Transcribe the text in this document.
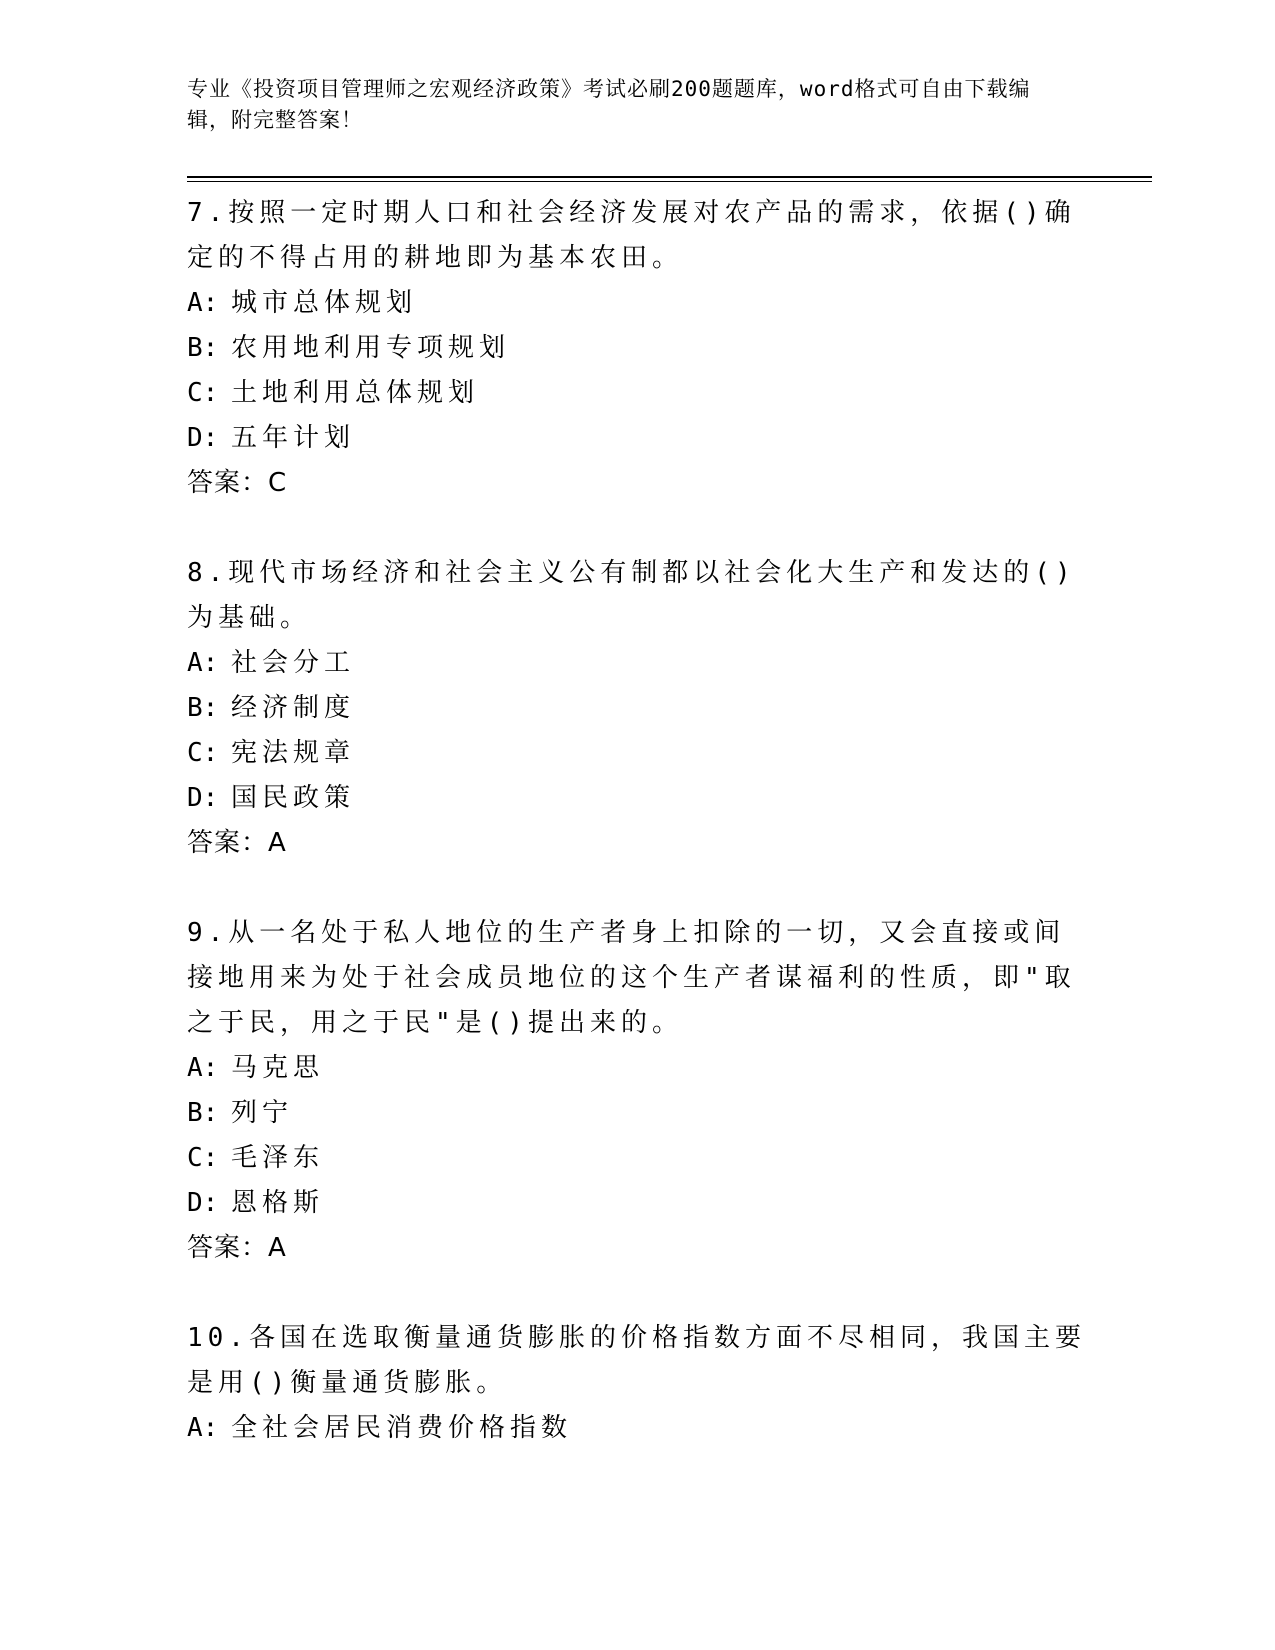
专业《投资项目管理师之宏观经济政策》考试必刷200题题库，word格式可自由下载编辑，附完整答案！
7.按照一定时期人口和社会经济发展对农产品的需求，依据()确定的不得占用的耕地即为基本农田。
A: 城市总体规划
B: 农用地利用专项规划
C: 土地利用总体规划
D: 五年计划
答案：C
8.现代市场经济和社会主义公有制都以社会化大生产和发达的()为基础。
A: 社会分工
B: 经济制度
C: 宪法规章
D: 国民政策
答案：A
9.从一名处于私人地位的生产者身上扣除的一切，又会直接或间接地用来为处于社会成员地位的这个生产者谋福利的性质，即"取之于民，用之于民"是()提出来的。
A: 马克思
B: 列宁
C: 毛泽东
D: 恩格斯
答案：A
10.各国在选取衡量通货膨胀的价格指数方面不尽相同，我国主要是用()衡量通货膨胀。
A: 全社会居民消费价格指数
